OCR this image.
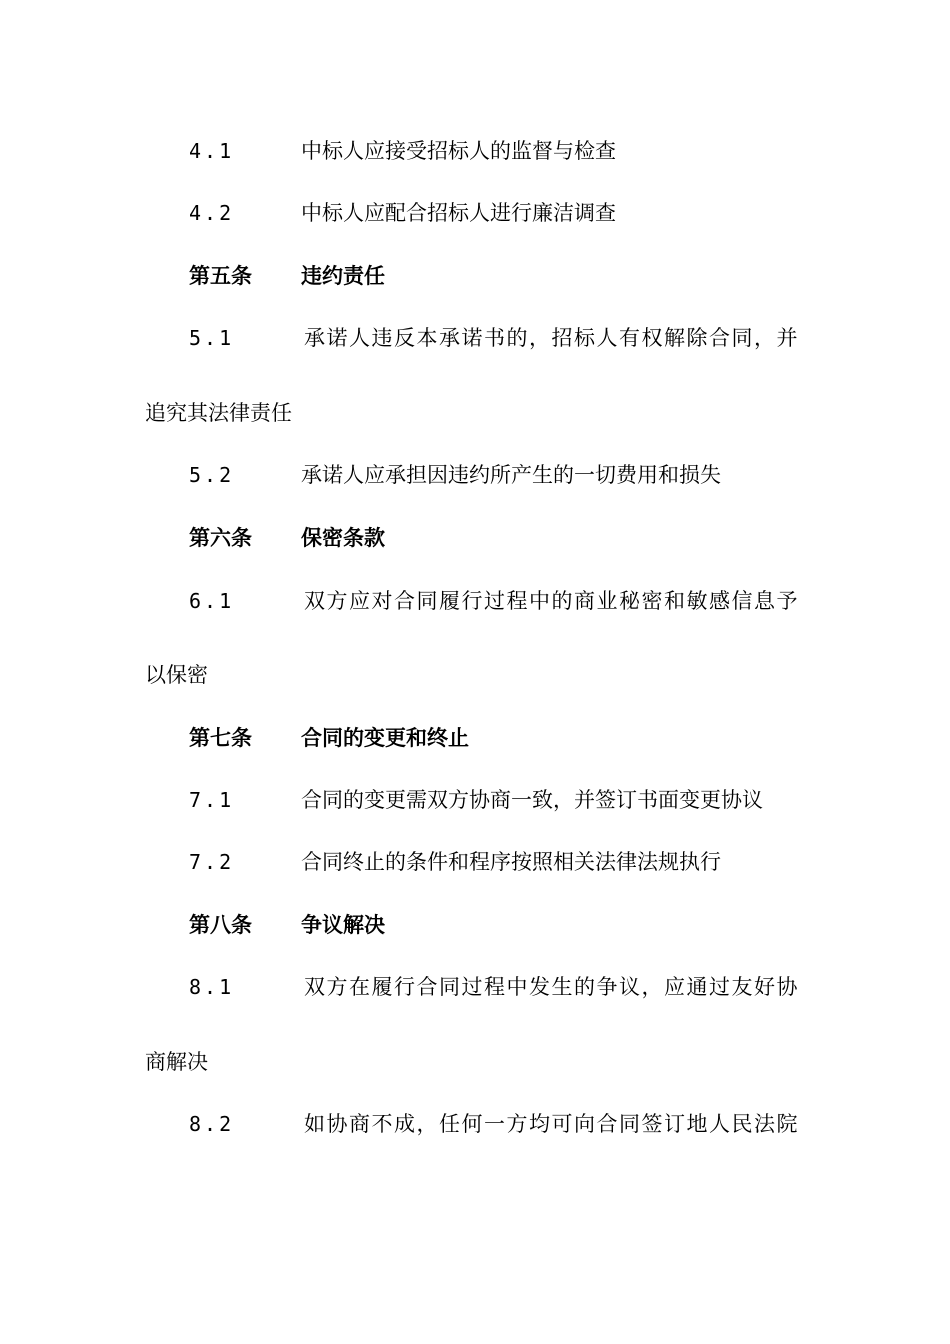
4.1	中标人应接受招标人的监督与检查
4.2	中标人应配合招标人进行廉洁调查
第五条 违约责任
5.1	承诺人违反本承诺书的，招标人有权解除合同，并
追究其法律责任
5.2	承诺人应承担因违约所产生的一切费用和损失
第六条 保密条款
6.1	双方应对合同履行过程中的商业秘密和敏感信息予
以保密
第七条 合同的变更和终止
7.1	合同的变更需双方协商一致，并签订书面变更协议
7.2	合同终止的条件和程序按照相关法律法规执行
第八条 争议解决
8.1	双方在履行合同过程中发生的争议，应通过友好协
商解决
8.2	如协商不成，任何一方均可向合同签订地人民法院
